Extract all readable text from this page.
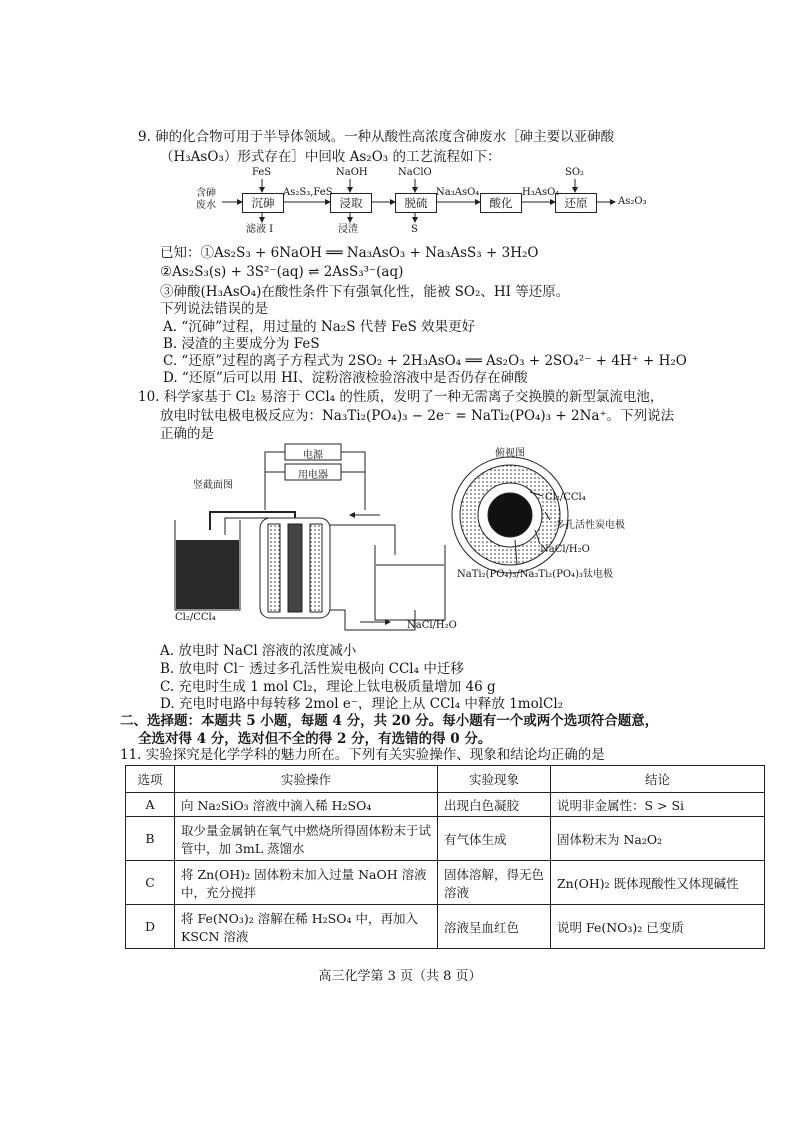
9. 砷的化合物可用于半导体领域。一种从酸性高浓度含砷废水［砷主要以亚砷酸
（H₃AsO₃）形式存在］中回收 As₂O₃ 的工艺流程如下：
含砷
废水	沉砷	浸取	脱硫	酸化	还原	As₂O₃
FeS	NaOH	NaClO	SO₂
As₂S₃,FeS	Na₃AsO₄	H₃AsO₄
滤液 I	浸渣	S
已知：①As₂S₃ + 6NaOH ══ Na₃AsO₃ + Na₃AsS₃ + 3H₂O
②As₂S₃(s) + 3S²⁻(aq) ⇌ 2AsS₃³⁻(aq)
③砷酸(H₃AsO₄)在酸性条件下有强氧化性，能被 SO₂、HI 等还原。
下列说法错误的是
A. “沉砷”过程，用过量的 Na₂S 代替 FeS 效果更好
B. 浸渣的主要成分为 FeS
C. “还原”过程的离子方程式为 2SO₂ + 2H₃AsO₄ ══ As₂O₃ + 2SO₄²⁻ + 4H⁺ + H₂O
D. “还原”后可以用 HI、淀粉溶液检验溶液中是否仍存在砷酸
10. 科学家基于 Cl₂ 易溶于 CCl₄ 的性质，发明了一种无需离子交换膜的新型氯流电池，
放电时钛电极电极反应为：Na₃Ti₂(PO₄)₃ − 2e⁻ = NaTi₂(PO₄)₃ + 2Na⁺。下列说法
正确的是
电源
用电器
竖截面图
俯视图
Cl₂/CCl₄
多孔活性炭电极
NaCl/H₂O
NaTi₂(PO₄)₃/Na₃Ti₂(PO₄)₃钛电极
Cl₂/CCl₄
NaCl/H₂O
A. 放电时 NaCl 溶液的浓度减小
B. 放电时 Cl⁻ 透过多孔活性炭电极向 CCl₄ 中迁移
C. 充电时生成 1 mol Cl₂，理论上钛电极质量增加 46 g
D. 充电时电路中每转移 2mol e⁻，理论上从 CCl₄ 中释放 1molCl₂
二、选择题：本题共 5 小题，每题 4 分，共 20 分。每小题有一个或两个选项符合题意，
全选对得 4 分，选对但不全的得 2 分，有选错的得 0 分。
11. 实验探究是化学学科的魅力所在。下列有关实验操作、现象和结论均正确的是
选项	实验操作	实验现象	结论
A	向 Na₂SiO₃ 溶液中滴入稀 H₂SO₄	出现白色凝胶	说明非金属性：S > Si
B	取少量金属钠在氧气中燃烧所得固体粉末于试管中，加 3mL 蒸馏水	有气体生成	固体粉末为 Na₂O₂
C	将 Zn(OH)₂ 固体粉末加入过量 NaOH 溶液中，充分搅拌	固体溶解，得无色溶液	Zn(OH)₂ 既体现酸性又体现碱性
D	将 Fe(NO₃)₂ 溶解在稀 H₂SO₄ 中，再加入 KSCN 溶液	溶液呈血红色	说明 Fe(NO₃)₂ 已变质
高三化学第 3 页（共 8 页）
